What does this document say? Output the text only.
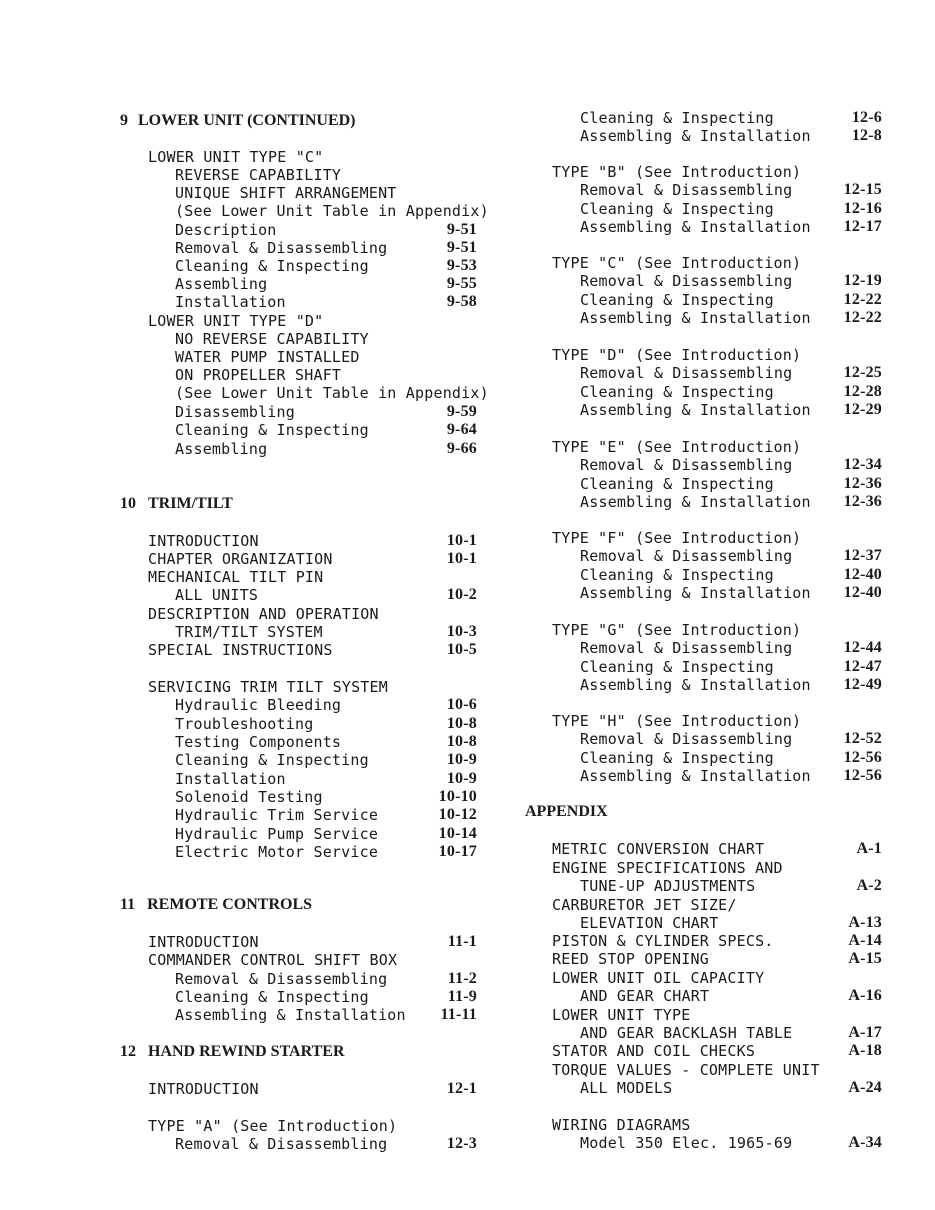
9 LOWER UNIT (CONTINUED)
LOWER UNIT TYPE "C"
REVERSE CAPABILITY
UNIQUE SHIFT ARRANGEMENT
(See Lower Unit Table in Appendix)
Description	9-51
Removal & Disassembling	9-51
Cleaning & Inspecting	9-53
Assembling	9-55
Installation	9-58
LOWER UNIT TYPE "D"
NO REVERSE CAPABILITY
WATER PUMP INSTALLED
ON PROPELLER SHAFT
(See Lower Unit Table in Appendix)
Disassembling	9-59
Cleaning & Inspecting	9-64
Assembling	9-66
10 TRIM/TILT
INTRODUCTION	10-1
CHAPTER ORGANIZATION	10-1
MECHANICAL TILT PIN
ALL UNITS	10-2
DESCRIPTION AND OPERATION
TRIM/TILT SYSTEM	10-3
SPECIAL INSTRUCTIONS	10-5
SERVICING TRIM TILT SYSTEM
Hydraulic Bleeding	10-6
Troubleshooting	10-8
Testing Components	10-8
Cleaning & Inspecting	10-9
Installation	10-9
Solenoid Testing	10-10
Hydraulic Trim Service	10-12
Hydraulic Pump Service	10-14
Electric Motor Service	10-17
11 REMOTE CONTROLS
INTRODUCTION	11-1
COMMANDER CONTROL SHIFT BOX
Removal & Disassembling	11-2
Cleaning & Inspecting	11-9
Assembling & Installation 11-11
12 HAND REWIND STARTER
INTRODUCTION	12-1
TYPE "A" (See Introduction)
Removal & Disassembling	12-3
Cleaning & Inspecting	12-6
Assembling & Installation	12-8
TYPE "B" (See Introduction)
Removal & Disassembling	12-15
Cleaning & Inspecting	12-16
Assembling & Installation 12-17
TYPE "C" (See Introduction)
Removal & Disassembling	12-19
Cleaning & Inspecting	12-22
Assembling & Installation 12-22
TYPE "D" (See Introduction)
Removal & Disassembling	12-25
Cleaning & Inspecting	12-28
Assembling & Installation 12-29
TYPE "E" (See Introduction)
Removal & Disassembling	12-34
Cleaning & Inspecting	12-36
Assembling & Installation 12-36
TYPE "F" (See Introduction)
Removal & Disassembling	12-37
Cleaning & Inspecting	12-40
Assembling & Installation 12-40
TYPE "G" (See Introduction)
Removal & Disassembling	12-44
Cleaning & Inspecting	12-47
Assembling & Installation 12-49
TYPE "H" (See Introduction)
Removal & Disassembling	12-52
Cleaning & Inspecting	12-56
Assembling & Installation 12-56
APPENDIX
METRIC CONVERSION CHART	A-1
ENGINE SPECIFICATIONS AND
TUNE-UP ADJUSTMENTS	A-2
CARBURETOR JET SIZE/
ELEVATION CHART	A-13
PISTON & CYLINDER SPECS.	A-14
REED STOP OPENING	A-15
LOWER UNIT OIL CAPACITY
AND GEAR CHART	A-16
LOWER UNIT TYPE
AND GEAR BACKLASH TABLE	A-17
STATOR AND COIL CHECKS	A-18
TORQUE VALUES - COMPLETE UNIT
ALL MODELS	A-24
WIRING DIAGRAMS
Model 350 Elec. 1965-69	A-34
